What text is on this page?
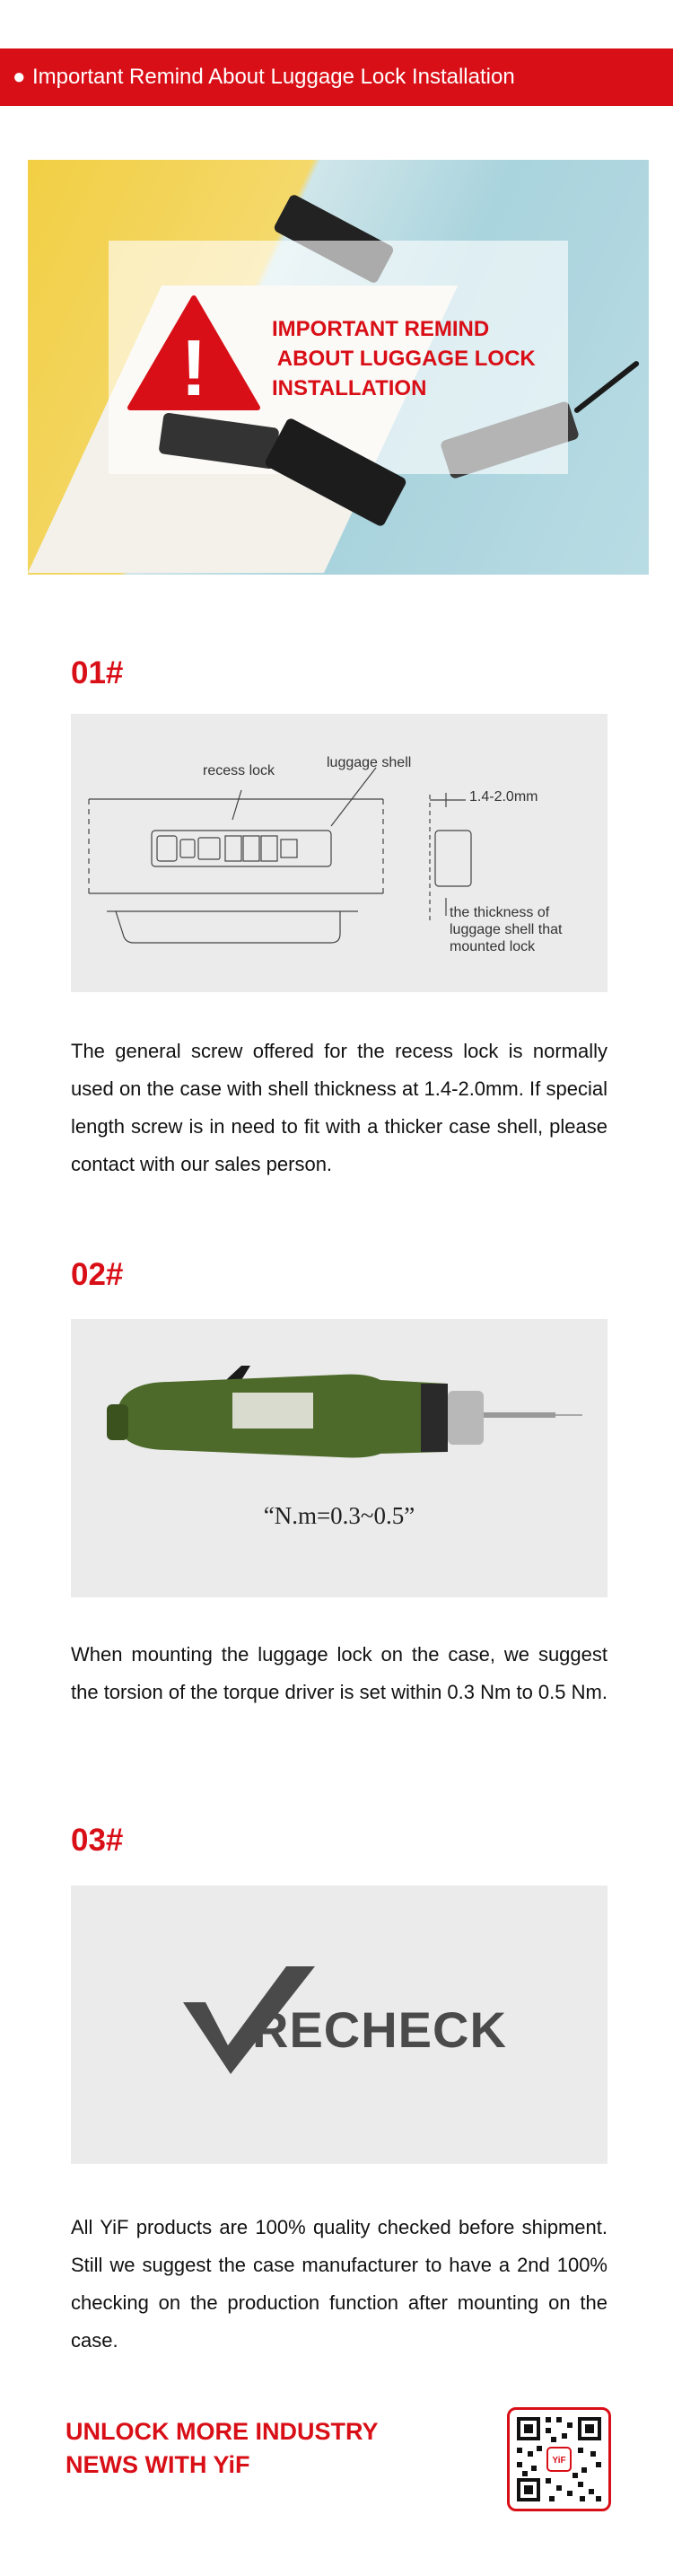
● Important Remind About Luggage Lock Installation
!	IMPORTANT REMIND
ABOUT LUGGAGE LOCK
INSTALLATION
01#
recess lock
luggage shell
1.4-2.0mm
the thickness of
luggage shell that
mounted lock
The general screw offered for the recess lock is normally used on the case with shell thickness at 1.4-2.0mm. If special length screw is in need to fit with a thicker case shell, please contact with our sales person.
02#
“N.m=0.3~0.5”
When mounting the luggage lock on the case, we suggest the torsion of the torque driver is set within 0.3 Nm to 0.5 Nm.
03#
RECHECK
All YiF products are 100% quality checked before shipment. Still we suggest the case manufacturer to have a 2nd 100% checking on the production function after mounting on the case.
UNLOCK MORE INDUSTRY
NEWS WITH YiF	YiF
